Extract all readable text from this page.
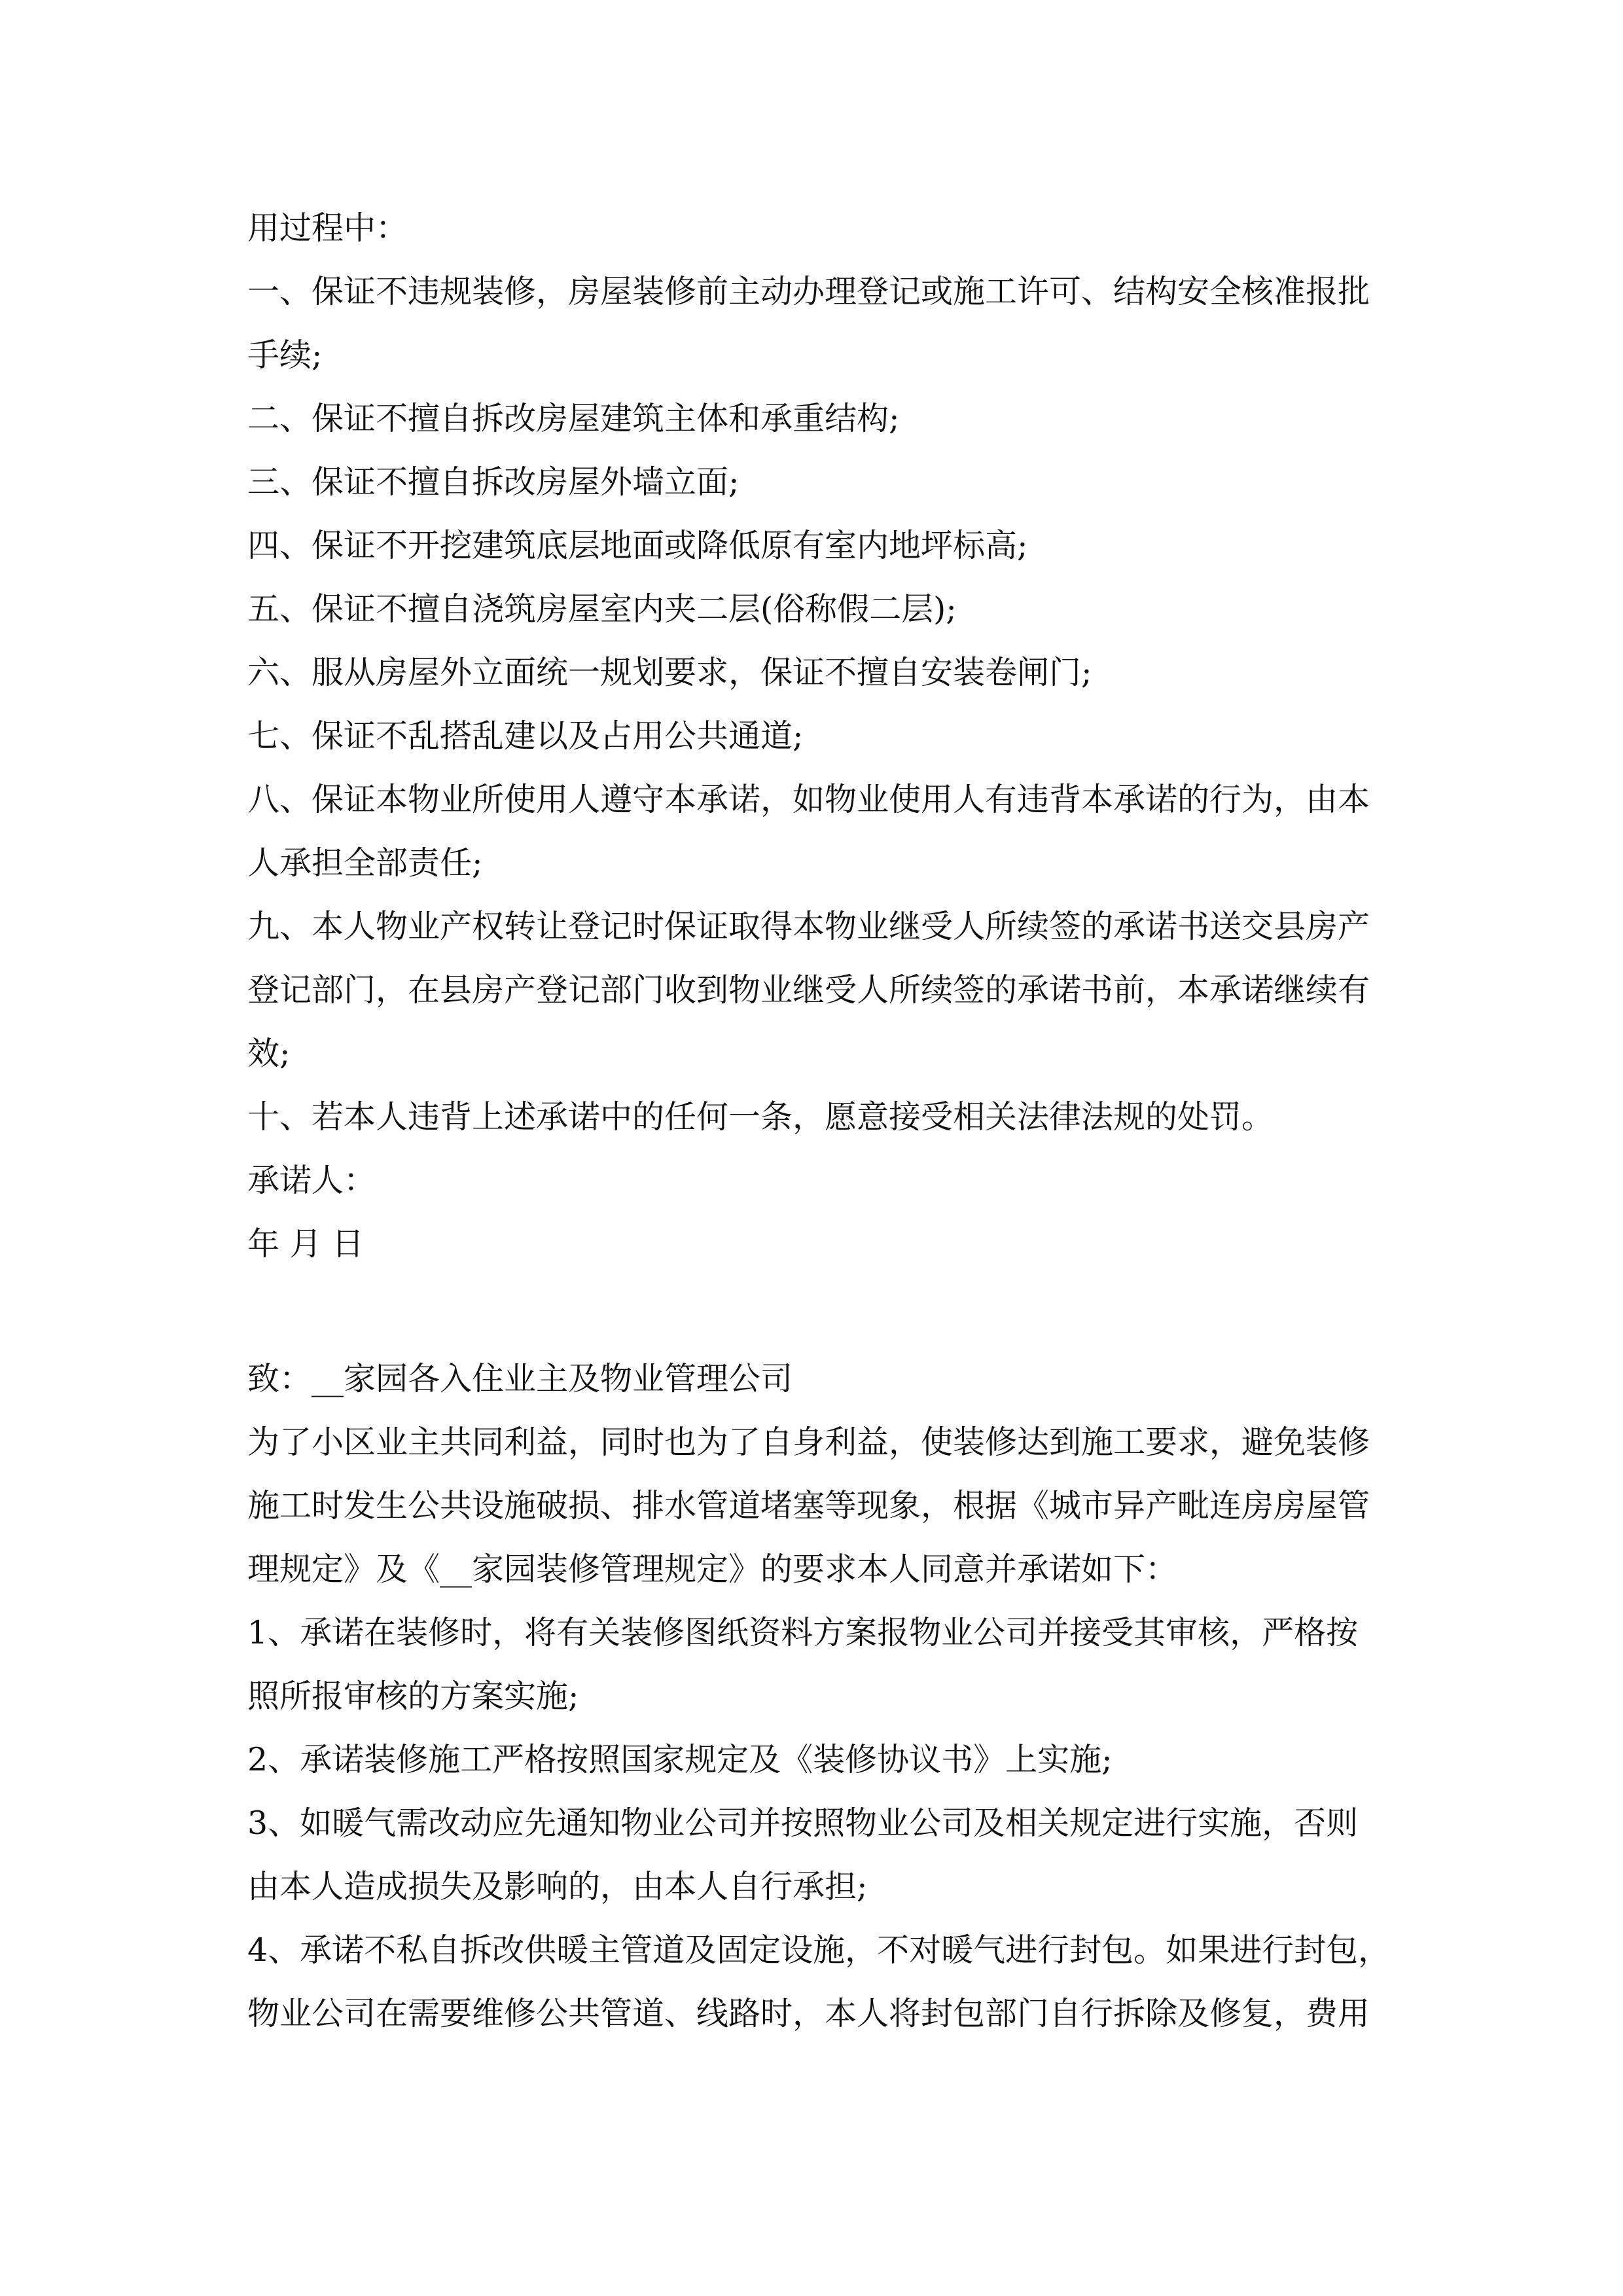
用过程中：
一、保证不违规装修，房屋装修前主动办理登记或施工许可、结构安全核准报批
手续;
二、保证不擅自拆改房屋建筑主体和承重结构;
三、保证不擅自拆改房屋外墙立面;
四、保证不开挖建筑底层地面或降低原有室内地坪标高;
五、保证不擅自浇筑房屋室内夹二层(俗称假二层);
六、服从房屋外立面统一规划要求，保证不擅自安装卷闸门;
七、保证不乱搭乱建以及占用公共通道;
八、保证本物业所使用人遵守本承诺，如物业使用人有违背本承诺的行为，由本
人承担全部责任;
九、本人物业产权转让登记时保证取得本物业继受人所续签的承诺书送交县房产
登记部门，在县房产登记部门收到物业继受人所续签的承诺书前，本承诺继续有
效;
十、若本人违背上述承诺中的任何一条，愿意接受相关法律法规的处罚。
承诺人：
年 月 日
致：__家园各入住业主及物业管理公司
为了小区业主共同利益，同时也为了自身利益，使装修达到施工要求，避免装修
施工时发生公共设施破损、排水管道堵塞等现象，根据《城市异产毗连房房屋管
理规定》及《__家园装修管理规定》的要求本人同意并承诺如下：
1、承诺在装修时，将有关装修图纸资料方案报物业公司并接受其审核，严格按
照所报审核的方案实施;
2、承诺装修施工严格按照国家规定及《装修协议书》上实施;
3、如暖气需改动应先通知物业公司并按照物业公司及相关规定进行实施，否则
由本人造成损失及影响的，由本人自行承担;
4、承诺不私自拆改供暖主管道及固定设施，不对暖气进行封包。如果进行封包，
物业公司在需要维修公共管道、线路时，本人将封包部门自行拆除及修复，费用
